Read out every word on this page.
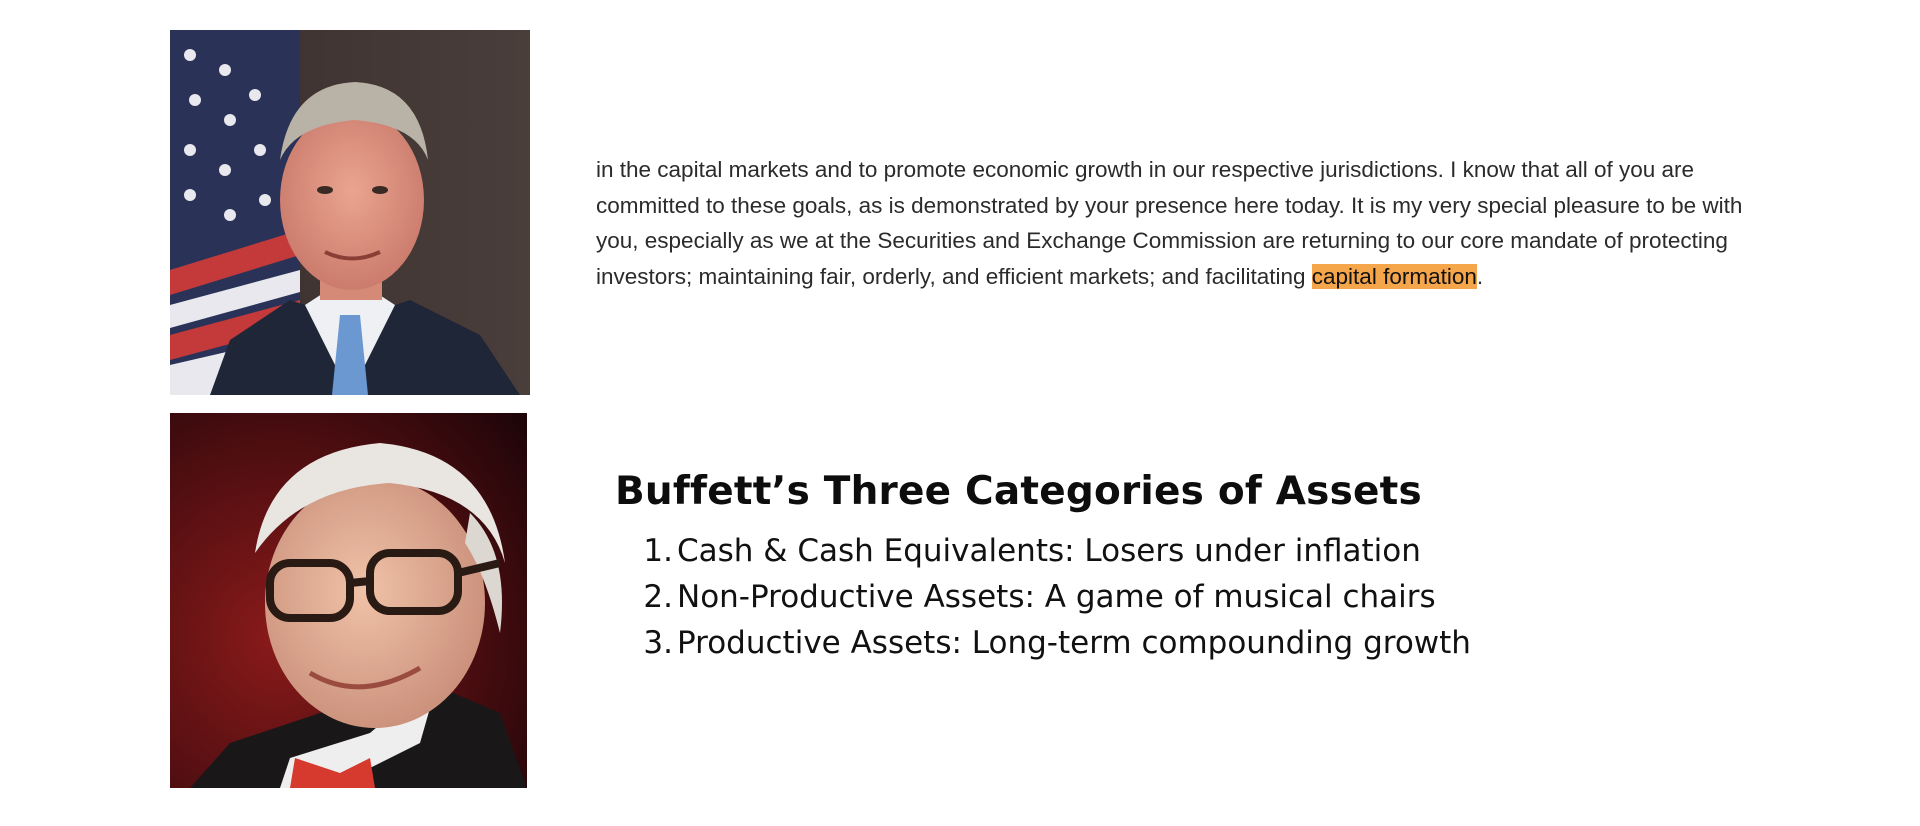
in the capital markets and to promote economic growth in our respective jurisdictions. I know that all of you are
committed to these goals, as is demonstrated by your presence here today. It is my very special pleasure to be with
you, especially as we at the Securities and Exchange Commission are returning to our core mandate of protecting
investors; maintaining fair, orderly, and efficient markets; and facilitating capital formation.
Buffett’s Three Categories of Assets
1. Cash & Cash Equivalents: Losers under inflation
2. Non-Productive Assets: A game of musical chairs
3. Productive Assets: Long-term compounding growth
